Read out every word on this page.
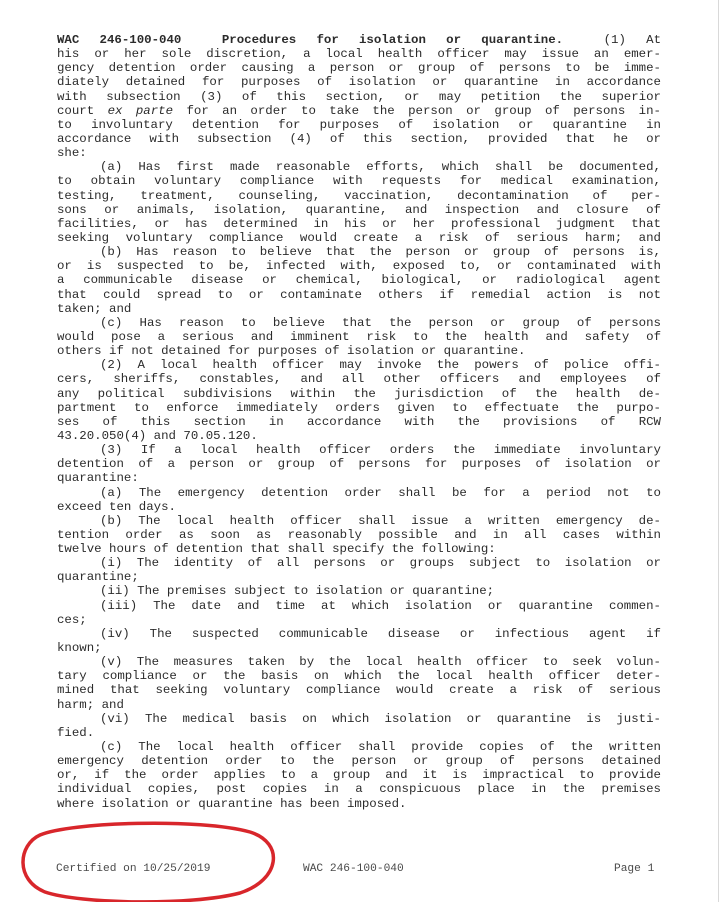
WAC 246-100-040	Procedures for isolation or quarantine.	(1) At
his or her sole discretion, a local health officer may issue an emer-
gency detention order causing a person or group of persons to be imme-
diately detained for purposes of isolation or quarantine in accordance
with subsection (3) of this section, or may petition the superior
court ex parte for an order to take the person or group of persons in-
to involuntary detention for purposes of isolation or quarantine in
accordance with subsection (4) of this section, provided that he or
she:
(a) Has first made reasonable efforts, which shall be documented,
to obtain voluntary compliance with requests for medical examination,
testing, treatment, counseling, vaccination, decontamination of per-
sons or animals, isolation, quarantine, and inspection and closure of
facilities, or has determined in his or her professional judgment that
seeking voluntary compliance would create a risk of serious harm; and
(b) Has reason to believe that the person or group of persons is,
or is suspected to be, infected with, exposed to, or contaminated with
a communicable disease or chemical, biological, or radiological agent
that could spread to or contaminate others if remedial action is not
taken; and
(c) Has reason to believe that the person or group of persons
would pose a serious and imminent risk to the health and safety of
others if not detained for purposes of isolation or quarantine.
(2) A local health officer may invoke the powers of police offi-
cers, sheriffs, constables, and all other officers and employees of
any political subdivisions within the jurisdiction of the health de-
partment to enforce immediately orders given to effectuate the purpo-
ses of this section in accordance with the provisions of RCW
43.20.050(4) and 70.05.120.
(3) If a local health officer orders the immediate involuntary
detention of a person or group of persons for purposes of isolation or
quarantine:
(a) The emergency detention order shall be for a period not to
exceed ten days.
(b) The local health officer shall issue a written emergency de-
tention order as soon as reasonably possible and in all cases within
twelve hours of detention that shall specify the following:
(i) The identity of all persons or groups subject to isolation or
quarantine;
(ii) The premises subject to isolation or quarantine;
(iii) The date and time at which isolation or quarantine commen-
ces;
(iv) The suspected communicable disease or infectious agent if
known;
(v) The measures taken by the local health officer to seek volun-
tary compliance or the basis on which the local health officer deter-
mined that seeking voluntary compliance would create a risk of serious
harm; and
(vi) The medical basis on which isolation or quarantine is justi-
fied.
(c) The local health officer shall provide copies of the written
emergency detention order to the person or group of persons detained
or, if the order applies to a group and it is impractical to provide
individual copies, post copies in a conspicuous place in the premises
where isolation or quarantine has been imposed.
Certified on 10/25/2019	WAC 246-100-040	Page 1
